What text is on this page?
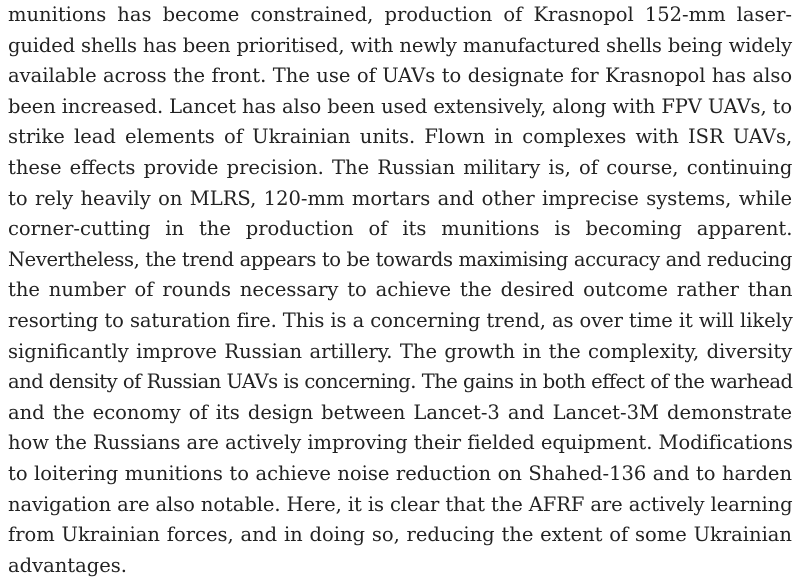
munitions has become constrained, production of Krasnopol 152-mm laser-
guided shells has been prioritised, with newly manufactured shells being widely
available across the front. The use of UAVs to designate for Krasnopol has also
been increased. Lancet has also been used extensively, along with FPV UAVs, to
strike lead elements of Ukrainian units. Flown in complexes with ISR UAVs,
these effects provide precision. The Russian military is, of course, continuing
to rely heavily on MLRS, 120-mm mortars and other imprecise systems, while
corner-cutting in the production of its munitions is becoming apparent.
Nevertheless, the trend appears to be towards maximising accuracy and reducing
the number of rounds necessary to achieve the desired outcome rather than
resorting to saturation fire. This is a concerning trend, as over time it will likely
significantly improve Russian artillery. The growth in the complexity, diversity
and density of Russian UAVs is concerning. The gains in both effect of the warhead
and the economy of its design between Lancet-3 and Lancet-3M demonstrate
how the Russians are actively improving their fielded equipment. Modifications
to loitering munitions to achieve noise reduction on Shahed-136 and to harden
navigation are also notable. Here, it is clear that the AFRF are actively learning
from Ukrainian forces, and in doing so, reducing the extent of some Ukrainian
advantages.
